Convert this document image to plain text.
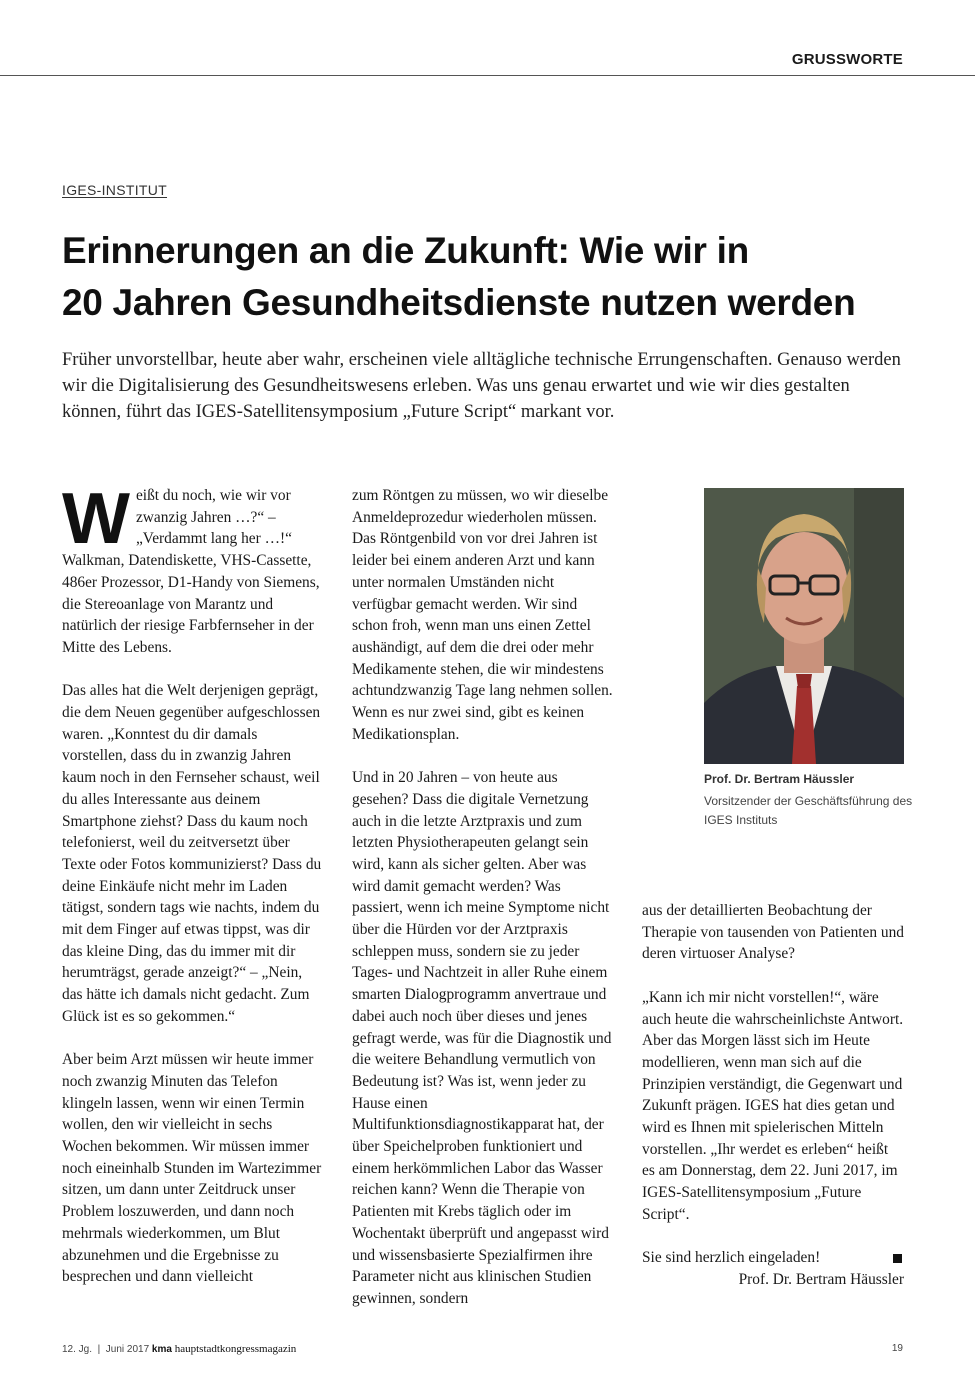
GRUSSWORTE
IGES-INSTITUT
Erinnerungen an die Zukunft: Wie wir in
20 Jahren Gesundheitsdienste nutzen werden

Früher unvorstellbar, heute aber wahr, erscheinen viele alltägliche technische Errungenschaften. Genauso werden wir die Digitalisierung des Gesundheitswesens erleben. Was uns genau erwartet und wie wir dies gestalten können, führt das IGES-Satellitensymposium „Future Script“ markant vor.

Weißt du noch, wie wir vor zwanzig Jahren …?“ – „Verdammt lang her …!“ Walkman, Datendiskette, VHS-Cassette, 486er Prozessor, D1-Handy von Siemens, die Stereoanlage von Marantz und natürlich der riesige Farbfernseher in der Mitte des Lebens.

Das alles hat die Welt derjenigen geprägt, die dem Neuen gegenüber aufgeschlossen waren. „Konntest du dir damals vorstellen, dass du in zwanzig Jahren kaum noch in den Fernseher schaust, weil du alles Interessante aus deinem Smartphone ziehst? Dass du kaum noch telefonierst, weil du zeitversetzt über Texte oder Fotos kommunizierst? Dass du deine Einkäufe nicht mehr im Laden tätigst, sondern tags wie nachts, indem du mit dem Finger auf etwas tippst, was dir das kleine Ding, das du immer mit dir herumträgst, gerade anzeigt?“ – „Nein, das hätte ich damals nicht gedacht. Zum Glück ist es so gekommen.“

Aber beim Arzt müssen wir heute immer noch zwanzig Minuten das Telefon klingeln lassen, wenn wir einen Termin wollen, den wir vielleicht in sechs Wochen bekommen. Wir müssen immer noch eineinhalb Stunden im Wartezimmer sitzen, um dann unter Zeitdruck unser Problem loszuwerden, und dann noch mehrmals wiederkommen, um Blut abzunehmen und die Ergebnisse zu besprechen und dann vielleicht

zum Röntgen zu müssen, wo wir dieselbe Anmeldeprozedur wiederholen müssen. Das Röntgenbild von vor drei Jahren ist leider bei einem anderen Arzt und kann unter normalen Umständen nicht verfügbar gemacht werden. Wir sind schon froh, wenn man uns einen Zettel aushändigt, auf dem die drei oder mehr Medikamente stehen, die wir mindestens achtundzwanzig Tage lang nehmen sollen. Wenn es nur zwei sind, gibt es keinen Medikationsplan.

Und in 20 Jahren – von heute aus gesehen? Dass die digitale Vernetzung auch in die letzte Arztpraxis und zum letzten Physiotherapeuten gelangt sein wird, kann als sicher gelten. Aber was wird damit gemacht werden? Was passiert, wenn ich meine Symptome nicht über die Hürden vor der Arztpraxis schleppen muss, sondern sie zu jeder Tages- und Nachtzeit in aller Ruhe einem smarten Dialogprogramm anvertraue und dabei auch noch über dieses und jenes gefragt werde, was für die Diagnostik und die weitere Behandlung vermutlich von Bedeutung ist? Was ist, wenn jeder zu Hause einen Multifunktionsdiagnostikapparat hat, der über Speichelproben funktioniert und einem herkömmlichen Labor das Wasser reichen kann? Wenn die Therapie von Patienten mit Krebs täglich oder im Wochentakt überprüft und angepasst wird und wissensbasierte Spezialfirmen ihre Parameter nicht aus klinischen Studien gewinnen, sondern

Prof. Dr. Bertram Häussler
Vorsitzender der Geschäftsführung des IGES Instituts

aus der detaillierten Beobachtung der Therapie von tausenden von Patienten und deren virtuoser Analyse?

„Kann ich mir nicht vorstellen!“, wäre auch heute die wahrscheinlichste Antwort. Aber das Morgen lässt sich im Heute modellieren, wenn man sich auf die Prinzipien verständigt, die Gegenwart und Zukunft prägen. IGES hat dies getan und wird es Ihnen mit spielerischen Mitteln vorstellen. „Ihr werdet es erleben“ heißt es am Donnerstag, dem 22. Juni 2017, im IGES-Satellitensymposium „Future Script“.

Sie sind herzlich eingeladen!
Prof. Dr. Bertram Häussler
12. Jg. | Juni 2017 kma hauptstadtkongressmagazin	19
